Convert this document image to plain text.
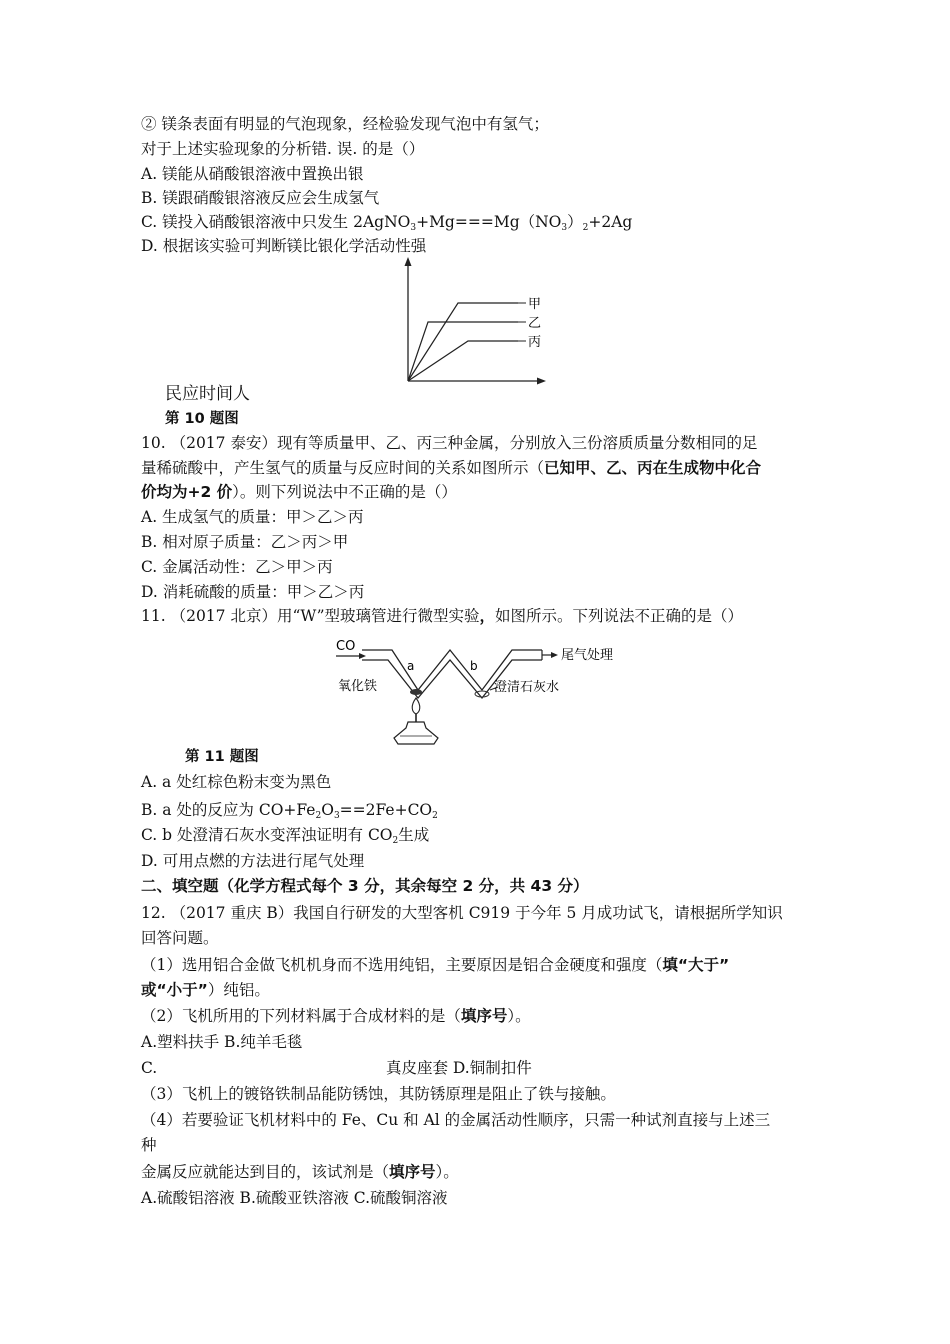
② 镁条表面有明显的气泡现象，经检验发现气泡中有氢气；
对于上述实验现象的分析错. 误. 的是（）
A. 镁能从硝酸银溶液中置换出银
B. 镁跟硝酸银溶液反应会生成氢气
C. 镁投入硝酸银溶液中只发生 $2AgNO_3+Mg===Mg(NO_3)_2+2Ag$
D. 根据该实验可判断镁比银化学活动性强
甲
乙
丙
民应时间人
第 10 题图
10. （2017 泰安）现有等质量甲、乙、丙三种金属，分别放入三份溶质质量分数相同的足
量稀硫酸中，产生氢气的质量与反应时间的关系如图所示（已知甲、乙、丙在生成物中化合
价均为+2 价）。则下列说法中不正确的是（）
A. 生成氢气的质量：甲＞乙＞丙
B. 相对原子质量：乙＞丙＞甲
C. 金属活动性：乙＞甲＞丙
D. 消耗硫酸的质量：甲＞乙＞丙
11. （2017 北京）用“W”型玻璃管进行微型实验，如图所示。下列说法不正确的是（）
CO
尾气处理
a	b
氧化铁	澄清石灰水
第 11 题图
A. a 处红棕色粉末变为黑色
B. a 处的反应为 $CO+Fe_2O_3==2Fe+CO_2$
C. b 处澄清石灰水变浑浊证明有 $CO_2$生成
D. 可用点燃的方法进行尾气处理
二、填空题（化学方程式每个 3 分，其余每空 2 分，共 43 分）
12. （2017 重庆 B）我国自行研发的大型客机 C919 于今年 5 月成功试飞，请根据所学知识
回答问题。
（1）选用铝合金做飞机机身而不选用纯铝，主要原因是铝合金硬度和强度（填“大于”
或“小于”）纯铝。
（2）飞机所用的下列材料属于合成材料的是（填序号）。
A.塑料扶手 B.纯羊毛毯
C.	真皮座套 D.铜制扣件
（3）飞机上的镀铬铁制品能防锈蚀，其防锈原理是阻止了铁与接触。
（4）若要验证飞机材料中的 Fe、Cu 和 Al 的金属活动性顺序，只需一种试剂直接与上述三
种
金属反应就能达到目的，该试剂是（填序号）。
A.硫酸铝溶液 B.硫酸亚铁溶液 C.硫酸铜溶液
